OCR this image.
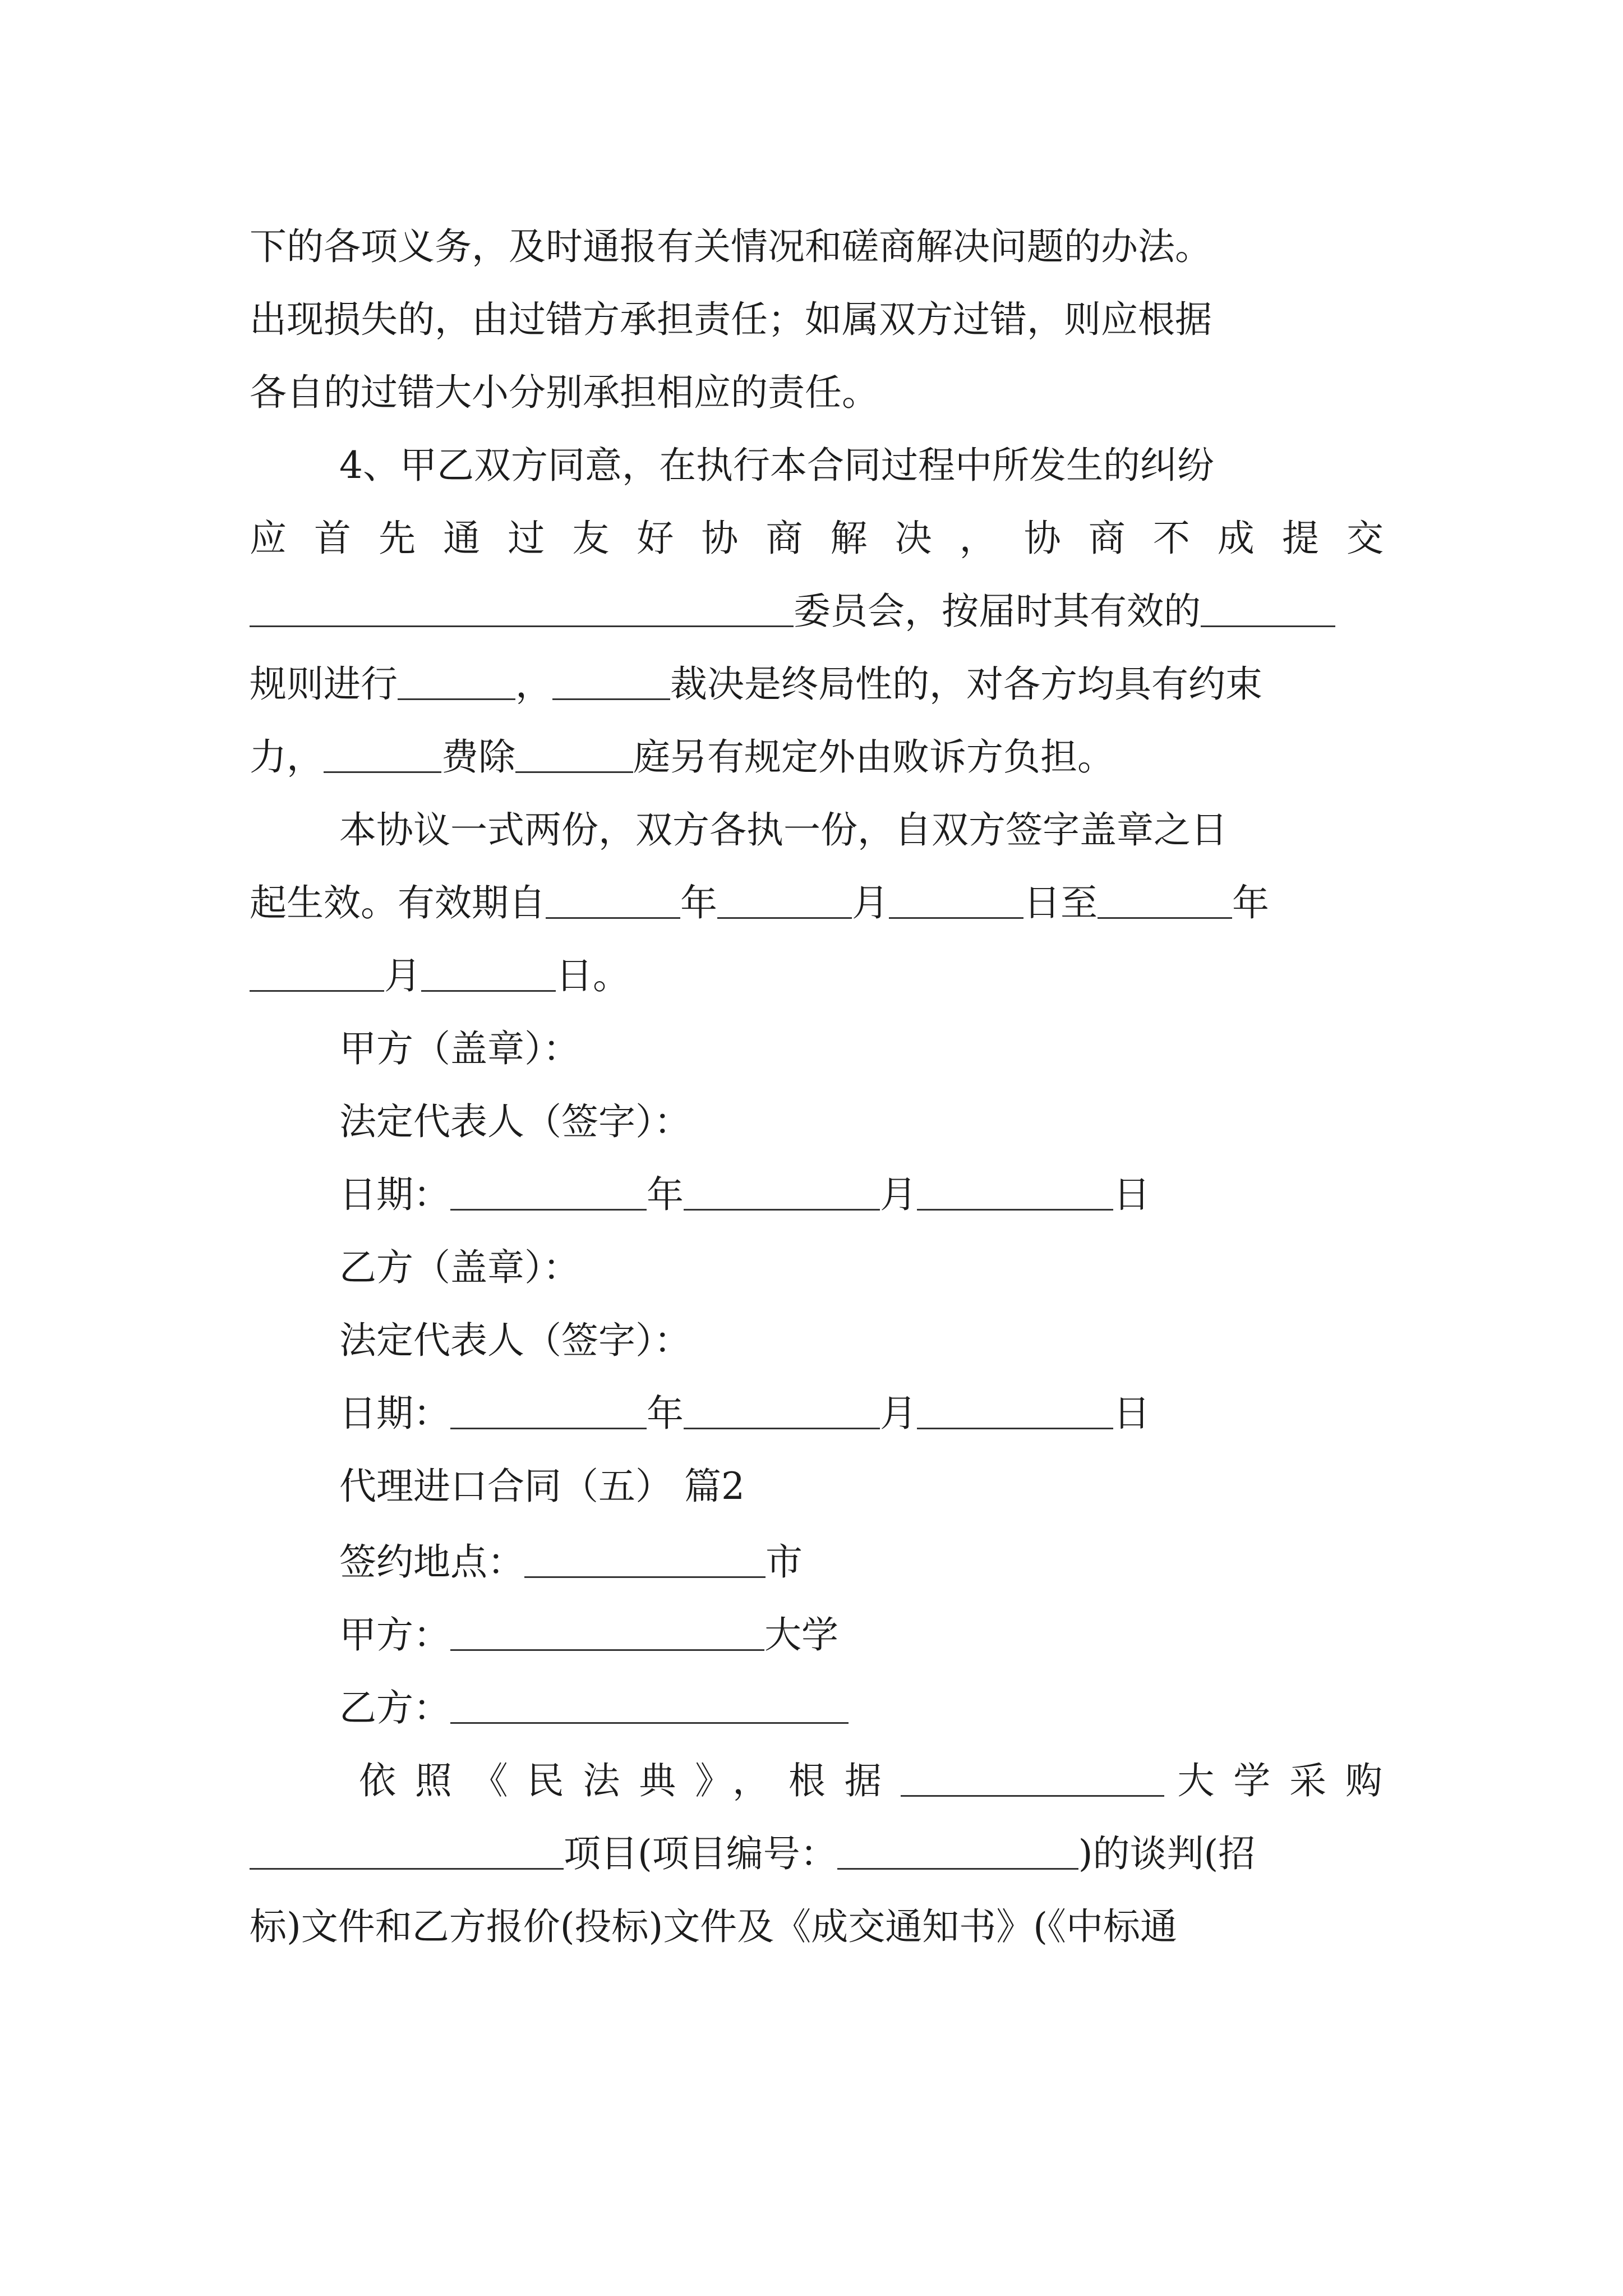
下的各项义务，及时通报有关情况和磋商解决问题的办法。
出现损失的，由过错方承担责任；如属双方过错，则应根据
各自的过错大小分别承担相应的责任。
4、甲乙双方同意，在执行本合同过程中所发生的纠纷
应首先通过友好协商解决，协商不成提交
委员会，按届时其有效的
规则进行	，	裁决是终局性的，对各方均具有约束
力，	费除	庭另有规定外由败诉方负担。
本协议一式两份，双方各执一份，自双方签字盖章之日
起生效。有效期自	年	月	日至	年
月	日。
甲方（盖章）：
法定代表人（签字）：
日期：	年	月	日
乙方（盖章）：
法定代表人（签字）：
日期：	年	月	日
代理进口合同（五） 篇2
签约地点：	市
甲方：	大学
乙方：
依照《民法典》，根据	大学采购
项目(项目编号：	)的谈判(招
标)文件和乙方报价(投标)文件及《成交通知书》(《中标通
